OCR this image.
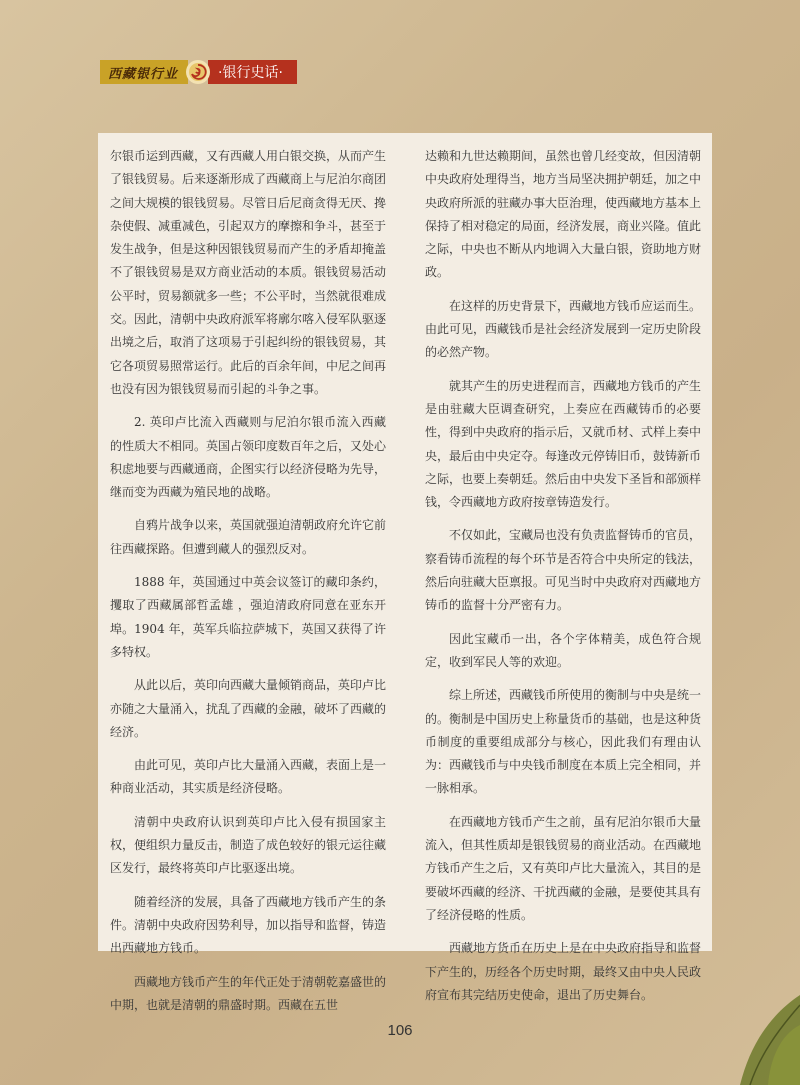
西藏银行业	·银行史话·

尔银币运到西藏，又有西藏人用白银交换，从而产生了银钱贸易。后来逐渐形成了西藏商上与尼泊尔商团之间大规模的银钱贸易。尽管日后尼商贪得无厌、搀杂使假、减重减色，引起双方的摩擦和争斗，甚至于发生战争，但是这种因银钱贸易而产生的矛盾却掩盖不了银钱贸易是双方商业活动的本质。银钱贸易活动公平时，贸易额就多一些；不公平时，当然就很难成交。因此，清朝中央政府派军将廓尔喀入侵军队驱逐出境之后，取消了这项易于引起纠纷的银钱贸易，其它各项贸易照常运行。此后的百余年间，中尼之间再也没有因为银钱贸易而引起的斗争之事。

2. 英印卢比流入西藏则与尼泊尔银币流入西藏的性质大不相同。英国占领印度数百年之后，又处心积虑地要与西藏通商，企图实行以经济侵略为先导，继而变为西藏为殖民地的战略。

自鸦片战争以来，英国就强迫清朝政府允许它前往西藏探路。但遭到藏人的强烈反对。

1888 年，英国通过中英会议签订的藏印条约，攫取了西藏属部哲孟雄 ，强迫清政府同意在亚东开埠。1904 年，英军兵临拉萨城下，英国又获得了许多特权。

从此以后，英印向西藏大量倾销商品，英印卢比亦随之大量涌入，扰乱了西藏的金融，破坏了西藏的经济。

由此可见，英印卢比大量涌入西藏，表面上是一种商业活动，其实质是经济侵略。

清朝中央政府认识到英印卢比入侵有损国家主权，便组织力量反击，制造了成色较好的银元运往藏区发行，最终将英印卢比驱逐出境。

随着经济的发展，具备了西藏地方钱币产生的条件。清朝中央政府因势利导，加以指导和监督，铸造出西藏地方钱币。

西藏地方钱币产生的年代正处于清朝乾嘉盛世的中期，也就是清朝的鼎盛时期。西藏在五世

达赖和九世达赖期间，虽然也曾几经变故，但因清朝中央政府处理得当，地方当局坚决拥护朝廷，加之中央政府所派的驻藏办事大臣治理，使西藏地方基本上保持了相对稳定的局面，经济发展，商业兴隆。值此之际，中央也不断从内地调入大量白银，资助地方财政。

在这样的历史背景下，西藏地方钱币应运而生。由此可见，西藏钱币是社会经济发展到一定历史阶段的必然产物。

就其产生的历史进程而言，西藏地方钱币的产生是由驻藏大臣调查研究，上奏应在西藏铸币的必要性，得到中央政府的指示后，又就币材、式样上奏中央，最后由中央定夺。每逢改元停铸旧币，鼓铸新币之际，也要上奏朝廷。然后由中央发下圣旨和部颁样钱，令西藏地方政府按章铸造发行。

不仅如此，宝藏局也没有负责监督铸币的官员，察看铸币流程的每个环节是否符合中央所定的钱法，然后向驻藏大臣禀报。可见当时中央政府对西藏地方铸币的监督十分严密有力。

因此宝藏币一出，各个字体精美，成色符合规定，收到军民人等的欢迎。

综上所述，西藏钱币所使用的衡制与中央是统一的。衡制是中国历史上称量货币的基础，也是这种货币制度的重要组成部分与核心，因此我们有理由认为：西藏钱币与中央钱币制度在本质上完全相同，并一脉相承。

在西藏地方钱币产生之前，虽有尼泊尔银币大量流入，但其性质却是银钱贸易的商业活动。在西藏地方钱币产生之后，又有英印卢比大量流入，其目的是要破坏西藏的经济、干扰西藏的金融，是要使其具有了经济侵略的性质。

西藏地方货币在历史上是在中央政府指导和监督下产生的，历经各个历史时期，最终又由中央人民政府宣布其完结历史使命，退出了历史舞台。

106
